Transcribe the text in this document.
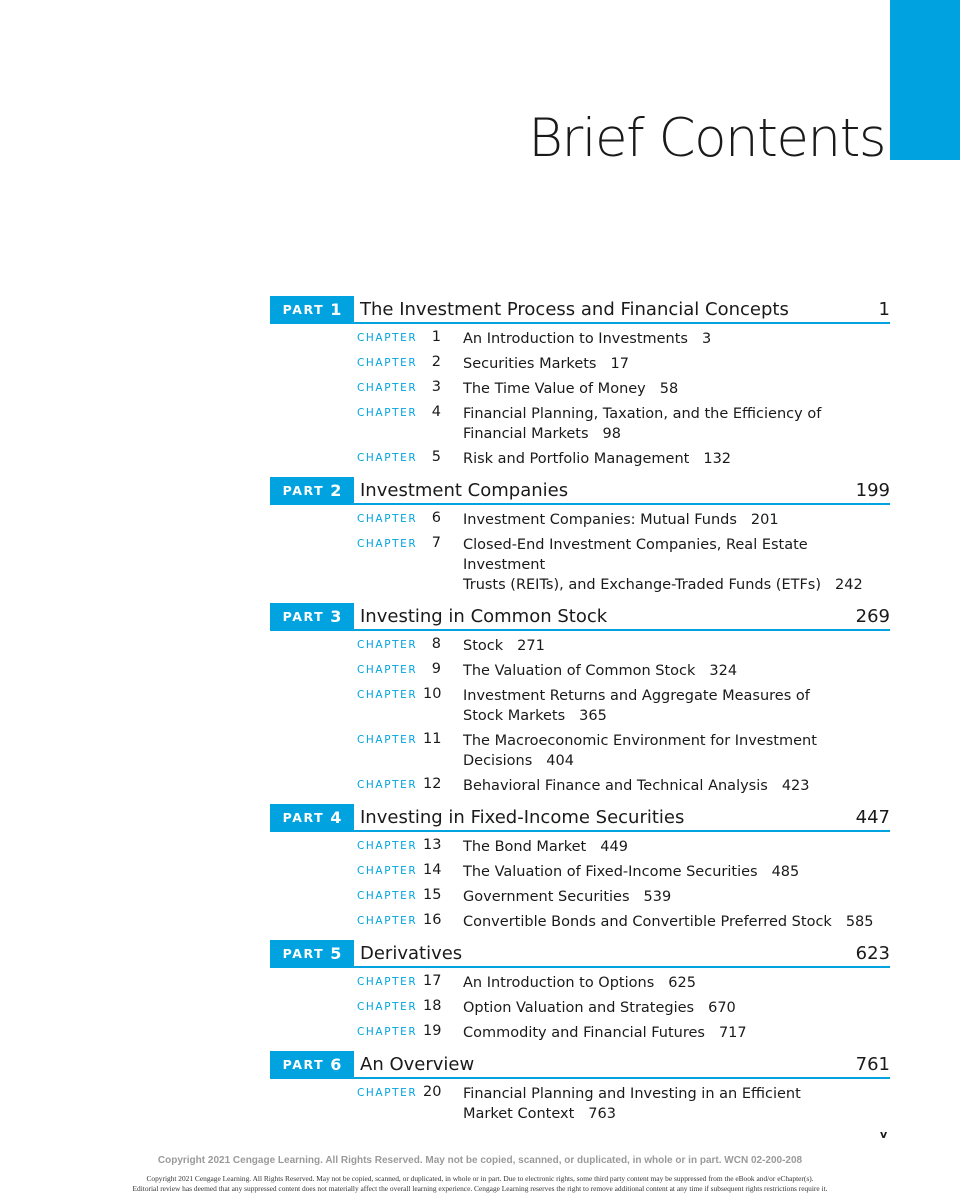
Brief Contents
PART 1 The Investment Process and Financial Concepts	1
CHAPTER 1 An Introduction to Investments 3
CHAPTER 2 Securities Markets 17
CHAPTER 3 The Time Value of Money 58
CHAPTER 4 Financial Planning, Taxation, and the Efficiency of
Financial Markets 98
CHAPTER 5 Risk and Portfolio Management 132
PART 2 Investment Companies	199
CHAPTER 6 Investment Companies: Mutual Funds 201
CHAPTER 7 Closed-End Investment Companies, Real Estate Investment
Trusts (REITs), and Exchange-Traded Funds (ETFs) 242
PART 3 Investing in Common Stock	269
CHAPTER 8 Stock 271
CHAPTER 9 The Valuation of Common Stock 324
CHAPTER 10 Investment Returns and Aggregate Measures of
Stock Markets 365
CHAPTER 11 The Macroeconomic Environment for Investment
Decisions 404
CHAPTER 12 Behavioral Finance and Technical Analysis 423
PART 4 Investing in Fixed-Income Securities	447
CHAPTER 13 The Bond Market 449
CHAPTER 14 The Valuation of Fixed-Income Securities 485
CHAPTER 15 Government Securities 539
CHAPTER 16 Convertible Bonds and Convertible Preferred Stock 585
PART 5 Derivatives	623
CHAPTER 17 An Introduction to Options 625
CHAPTER 18 Option Valuation and Strategies 670
CHAPTER 19 Commodity and Financial Futures 717
PART 6 An Overview	761
CHAPTER 20 Financial Planning and Investing in an Efficient
Market Context 763
v
Copyright 2021 Cengage Learning. All Rights Reserved. May not be copied, scanned, or duplicated, in whole or in part. WCN 02-200-208
Copyright 2021 Cengage Learning. All Rights Reserved. May not be copied, scanned, or duplicated, in whole or in part. Due to electronic rights, some third party content may be suppressed from the eBook and/or eChapter(s).
Editorial review has deemed that any suppressed content does not materially affect the overall learning experience. Cengage Learning reserves the right to remove additional content at any time if subsequent rights restrictions require it.
